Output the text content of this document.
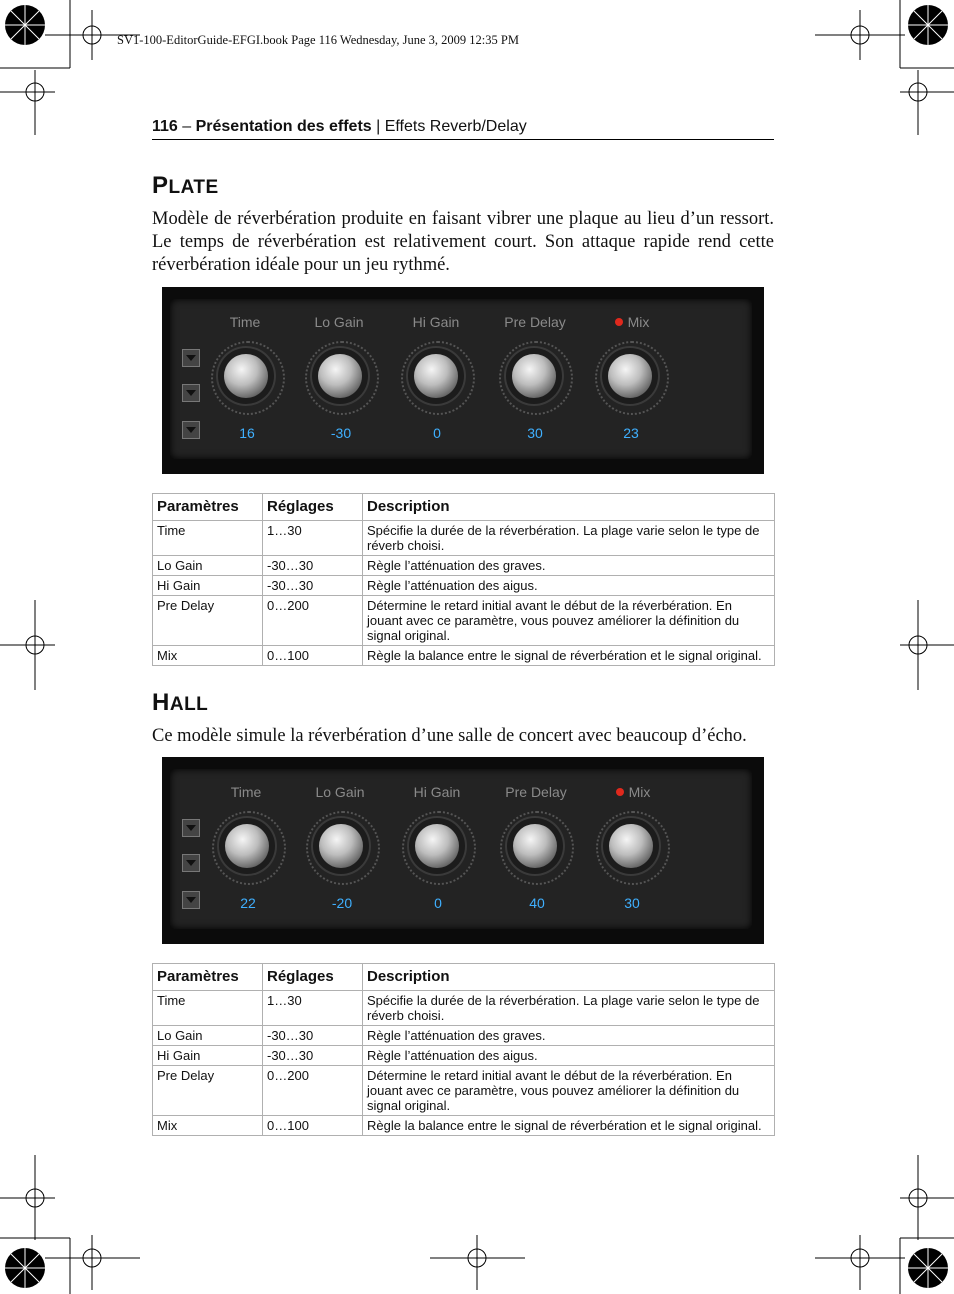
SV1-100-EditorGuide-EFGI.book Page 116 Wednesday, June 3, 2009 12:35 PM
116 – Présentation des effets | Effets Reverb/Delay
PLATE
Modèle de réverbération produite en faisant vibrer une plaque au lieu d’un ressort. Le temps de réverbération est relativement court. Son attaque rapide rend cette réverbération idéale pour un jeu rythmé.
Time	Lo Gain	Hi Gain	Pre Delay	Mix
16	-30	0	30	23
Paramètres	Réglages	Description
Time	1…30	Spécifie la durée de la réverbération. La plage varie selon le type de réverb choisi.
Lo Gain	-30…30	Règle l’atténuation des graves.
Hi Gain	-30…30	Règle l’atténuation des aigus.
Pre Delay	0…200	Détermine le retard initial avant le début de la réverbération. En jouant avec ce paramètre, vous pouvez améliorer la définition du signal original.
Mix	0…100	Règle la balance entre le signal de réverbération et le signal original.
HALL
Ce modèle simule la réverbération d’une salle de concert avec beaucoup d’écho.
Time	Lo Gain	Hi Gain	Pre Delay	Mix
22	-20	0	40	30
Paramètres	Réglages	Description
Time	1…30	Spécifie la durée de la réverbération. La plage varie selon le type de réverb choisi.
Lo Gain	-30…30	Règle l’atténuation des graves.
Hi Gain	-30…30	Règle l’atténuation des aigus.
Pre Delay	0…200	Détermine le retard initial avant le début de la réverbération. En jouant avec ce paramètre, vous pouvez améliorer la définition du signal original.
Mix	0…100	Règle la balance entre le signal de réverbération et le signal original.
